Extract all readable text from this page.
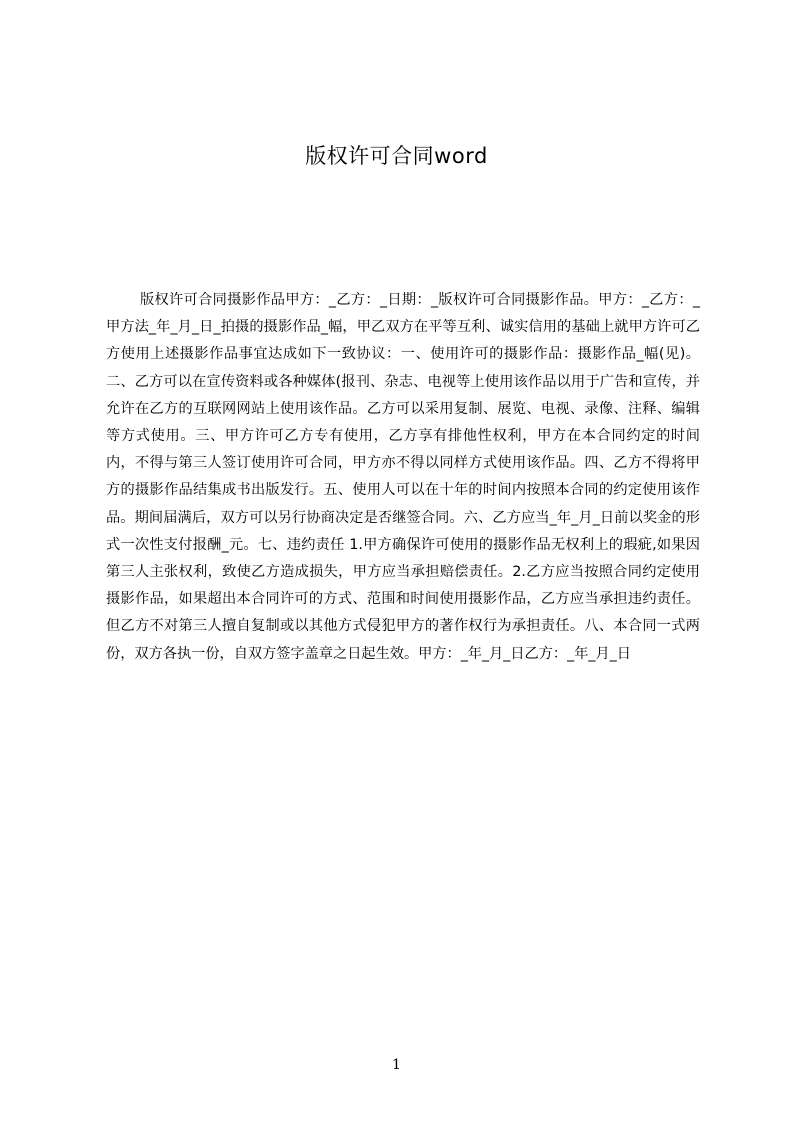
版权许可合同word

版权许可合同摄影作品甲方：_乙方：_日期：_版权许可合同摄影作品。甲方：_乙方：_甲方法_年_月_日_拍摄的摄影作品_幅，甲乙双方在平等互利、诚实信用的基础上就甲方许可乙方使用上述摄影作品事宜达成如下一致协议：一、使用许可的摄影作品：摄影作品_幅(见)。二、乙方可以在宣传资料或各种媒体(报刊、杂志、电视等上使用该作品以用于广告和宣传，并允许在乙方的互联网网站上使用该作品。乙方可以采用复制、展览、电视、录像、注释、编辑等方式使用。三、甲方许可乙方专有使用，乙方享有排他性权利，甲方在本合同约定的时间内，不得与第三人签订使用许可合同，甲方亦不得以同样方式使用该作品。四、乙方不得将甲方的摄影作品结集成书出版发行。五、使用人可以在十年的时间内按照本合同的约定使用该作品。期间届满后，双方可以另行协商决定是否继签合同。六、乙方应当_年_月_日前以奖金的形式一次性支付报酬_元。七、违约责任 1.甲方确保许可使用的摄影作品无权利上的瑕疵,如果因第三人主张权利，致使乙方造成损失，甲方应当承担赔偿责任。2.乙方应当按照合同约定使用摄影作品，如果超出本合同许可的方式、范围和时间使用摄影作品，乙方应当承担违约责任。但乙方不对第三人擅自复制或以其他方式侵犯甲方的著作权行为承担责任。八、本合同一式两份，双方各执一份，自双方签字盖章之日起生效。甲方：_年_月_日乙方：_年_月_日

1
